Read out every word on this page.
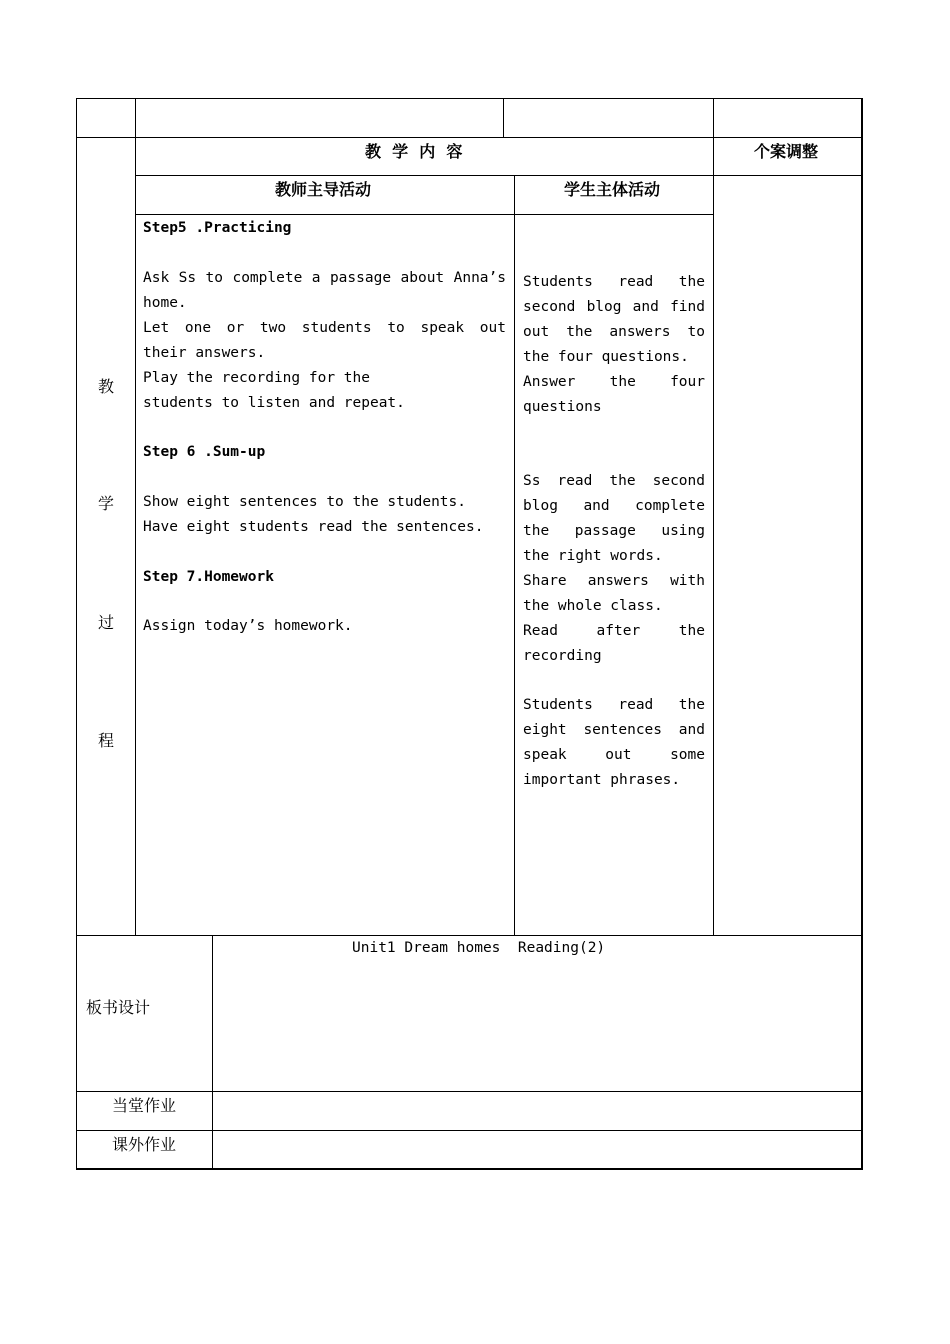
教  学  内  容	个案调整
教师主导活动	学生主体活动
教
学
过
程
Step5 .Practicing
Ask Ss to complete a passage about Anna’s home.
Let one or two students to speak out their answers.
Play the recording for the
students to listen and repeat.
Step 6 .Sum-up
Show eight sentences to the students.
Have eight students read the sentences.
Step 7.Homework
Assign today’s homework.
Students read the second blog and find out the answers to the four questions.
Answer the four questions
Ss read the second blog and complete the passage using the right words.
Share answers with the whole class.
Read after the recording
Students read the eight sentences and speak out some important phrases.
板书设计
Unit1 Dream homes  Reading(2)
当堂作业
课外作业
